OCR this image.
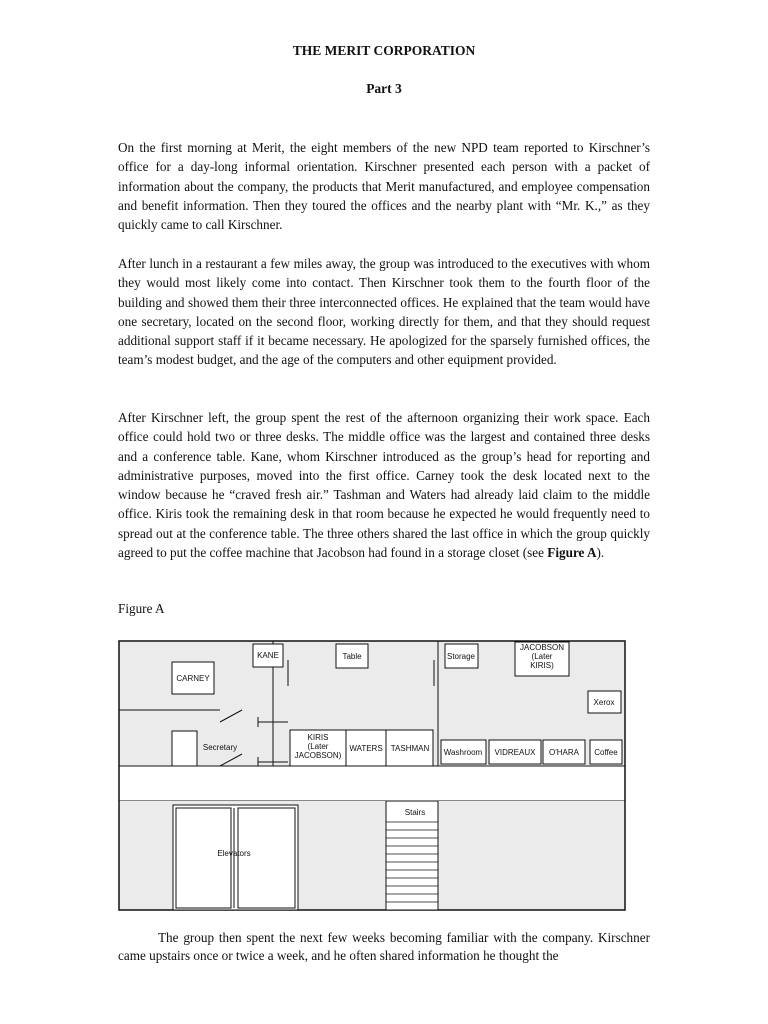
THE MERIT CORPORATION
Part 3

On the first morning at Merit, the eight members of the new NPD team reported to Kirschner’s office for a day-long informal orientation. Kirschner presented each person with a packet of information about the company, the products that Merit manufactured, and employee compensation and benefit information. Then they toured the offices and the nearby plant with “Mr. K.,” as they quickly came to call Kirschner.

After lunch in a restaurant a few miles away, the group was introduced to the executives with whom they would most likely come into contact. Then Kirschner took them to the fourth floor of the building and showed them their three interconnected offices. He explained that the team would have one secretary, located on the second floor, working directly for them, and that they should request additional support staff if it became necessary. He apologized for the sparsely furnished offices, the team’s modest budget, and the age of the computers and other equipment provided.

After Kirschner left, the group spent the rest of the afternoon organizing their work space. Each office could hold two or three desks. The middle office was the largest and contained three desks and a conference table. Kane, whom Kirschner introduced as the group’s head for reporting and administrative purposes, moved into the first office. Carney took the desk located next to the window because he “craved fresh air.” Tashman and Waters had already laid claim to the middle office. Kiris took the remaining desk in that room because he expected he would frequently need to spread out at the conference table. The three others shared the last office in which the group quickly agreed to put the coffee machine that Jacobson had found in a storage closet (see Figure A).

Figure A
KANE	Table	Storage
JACOBSON
(Later
KIRIS)
CARNEY
Xerox
Secretary
KIRIS
(Later
JACOBSON)
WATERS TASHMAN Washroom VIDREAUX O'HARA Coffee
Stairs
Elevators

The group then spent the next few weeks becoming familiar with the company. Kirschner came upstairs once or twice a week, and he often shared information he thought the
